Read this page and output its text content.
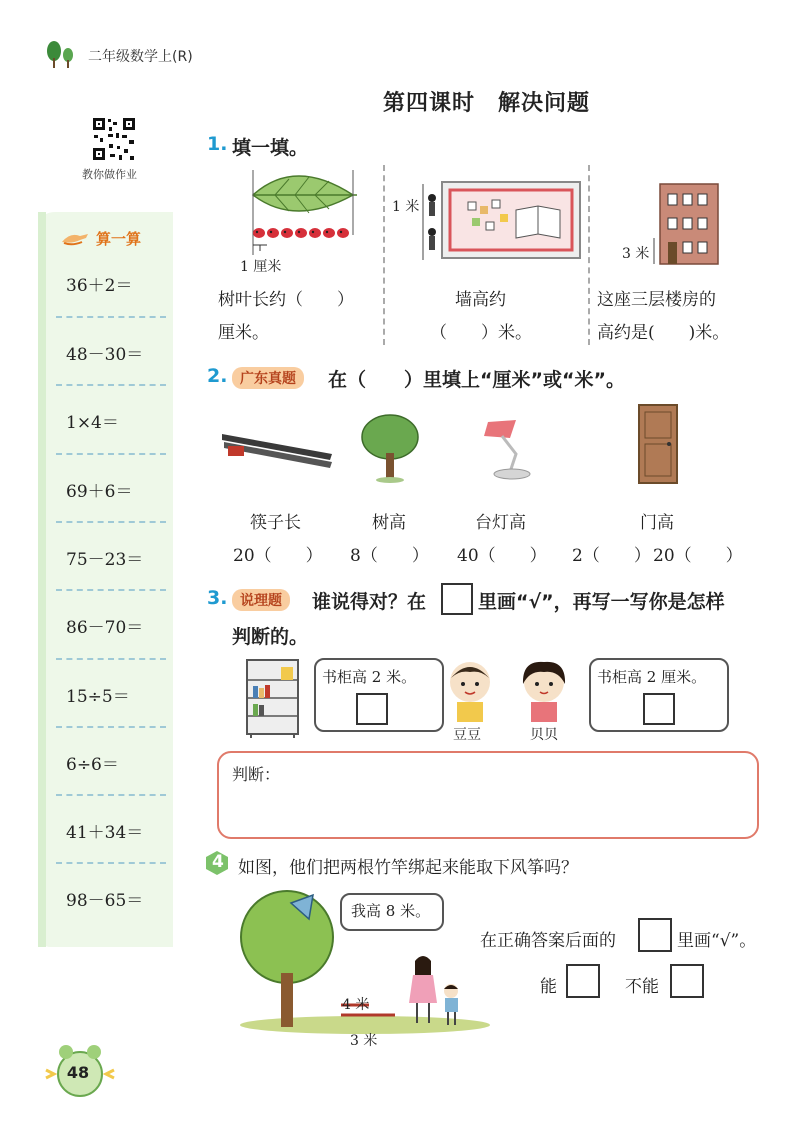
二年级数学上(R)
第四课时　解决问题
教你做作业
算一算
36＋2＝
48－30＝
1×4＝
69＋6＝
75－23＝
86－70＝
15÷5＝
6÷6＝
41＋34＝
98－65＝
1. 填一填。
1 厘米
树叶长约（　　）
厘米。
1 米
墙高约
（　　）米。
3 米
这座三层楼房的
高约是(　　)米。
2. 广东真题	在（　　）里填上“厘米”或“米”。
筷子长	树高	台灯高	门高
20（　　） 8（　　） 40（　　） 2（　　） 20（　　）
3. 说理题	谁说得对？在	里画“√”，再写一写你是怎样
判断的。
书柜高 2 米。
豆豆	贝贝
书柜高 2 厘米。
判断：
4 如图，他们把两根竹竿绑起来能取下风筝吗？
我高 8 米。
4 米
3 米
在正确答案后面的	里画“√”。
能	不能
48
